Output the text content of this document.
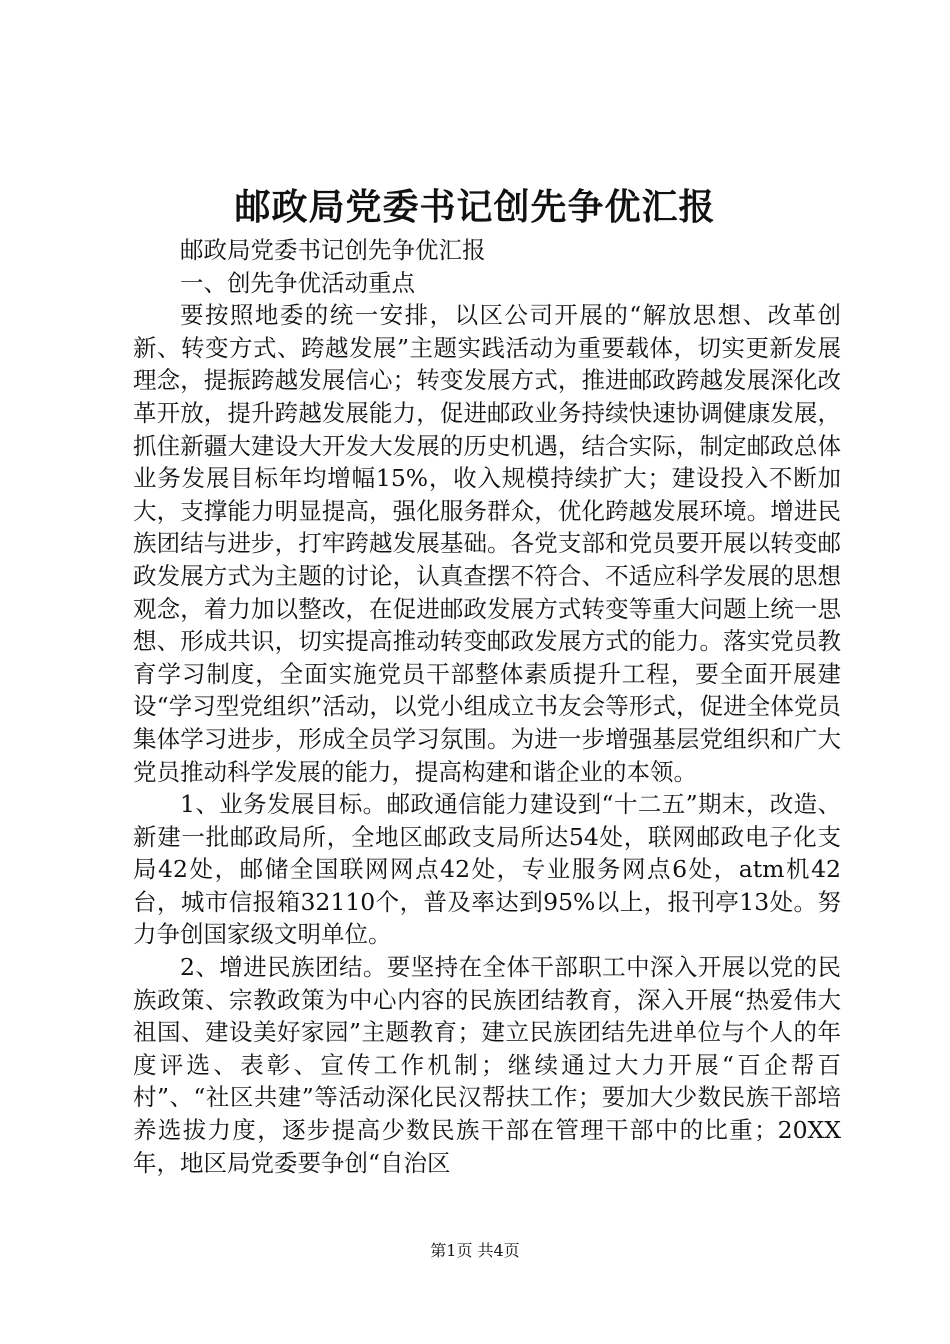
邮政局党委书记创先争优汇报

邮政局党委书记创先争优汇报

一、创先争优活动重点

要按照地委的统一安排，以区公司开展的“解放思想、改革创新、转变方式、跨越发展”主题实践活动为重要载体，切实更新发展理念，提振跨越发展信心；转变发展方式，推进邮政跨越发展深化改革开放，提升跨越发展能力，促进邮政业务持续快速协调健康发展，抓住新疆大建设大开发大发展的历史机遇，结合实际，制定邮政总体业务发展目标年均增幅15%，收入规模持续扩大；建设投入不断加大，支撑能力明显提高，强化服务群众，优化跨越发展环境。增进民族团结与进步，打牢跨越发展基础。各党支部和党员要开展以转变邮政发展方式为主题的讨论，认真查摆不符合、不适应科学发展的思想观念，着力加以整改，在促进邮政发展方式转变等重大问题上统一思想、形成共识，切实提高推动转变邮政发展方式的能力。落实党员教育学习制度，全面实施党员干部整体素质提升工程，要全面开展建设“学习型党组织”活动，以党小组成立书友会等形式，促进全体党员集体学习进步，形成全员学习氛围。为进一步增强基层党组织和广大党员推动科学发展的能力，提高构建和谐企业的本领。

1、业务发展目标。邮政通信能力建设到“十二五”期末，改造、新建一批邮政局所，全地区邮政支局所达54处，联网邮政电子化支局42处，邮储全国联网网点42处，专业服务网点6处，atm机42台，城市信报箱32110个，普及率达到95%以上，报刊亭13处。努力争创国家级文明单位。

2、增进民族团结。要坚持在全体干部职工中深入开展以党的民族政策、宗教政策为中心内容的民族团结教育，深入开展“热爱伟大祖国、建设美好家园”主题教育；建立民族团结先进单位与个人的年度评选、表彰、宣传工作机制；继续通过大力开展“百企帮百村”、“社区共建”等活动深化民汉帮扶工作；要加大少数民族干部培养选拔力度，逐步提高少数民族干部在管理干部中的比重；20XX年，地区局党委要争创“自治区

第1页 共4页
